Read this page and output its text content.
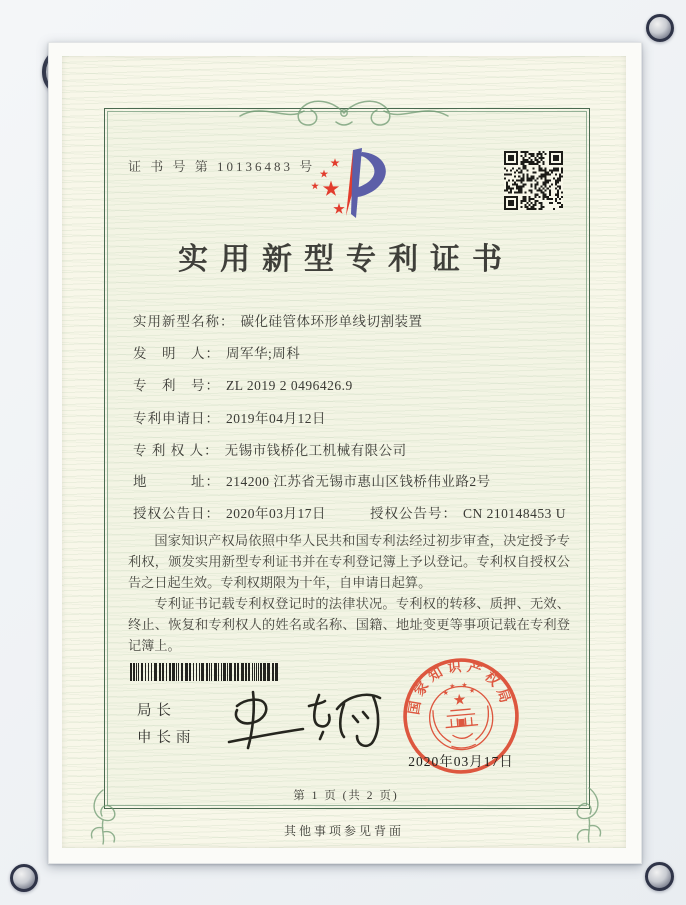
证 书 号 第 10136483 号
实用新型专利证书
实用新型名称： 碳化硅管体环形单线切割装置
发　明　人： 周军华;周科
专　利　号： ZL 2019 2 0496426.9
专利申请日： 2019年04月12日
专 利 权 人： 无锡市钱桥化工机械有限公司
地　　　址： 214200 江苏省无锡市惠山区钱桥伟业路2号
授权公告日： 2020年03月17日	授权公告号： CN 210148453 U

国家知识产权局依照中华人民共和国专利法经过初步审查，决定授予专利权，颁发实用新型专利证书并在专利登记簿上予以登记。专利权自授权公告之日起生效。专利权期限为十年，自申请日起算。

专利证书记载专利权登记时的法律状况。专利权的转移、质押、无效、终止、恢复和专利权人的姓名或名称、国籍、地址变更等事项记载在专利登记簿上。

局长
申长雨
国家知识产权局
2020年03月17日
第 1 页 (共 2 页)
其他事项参见背面
